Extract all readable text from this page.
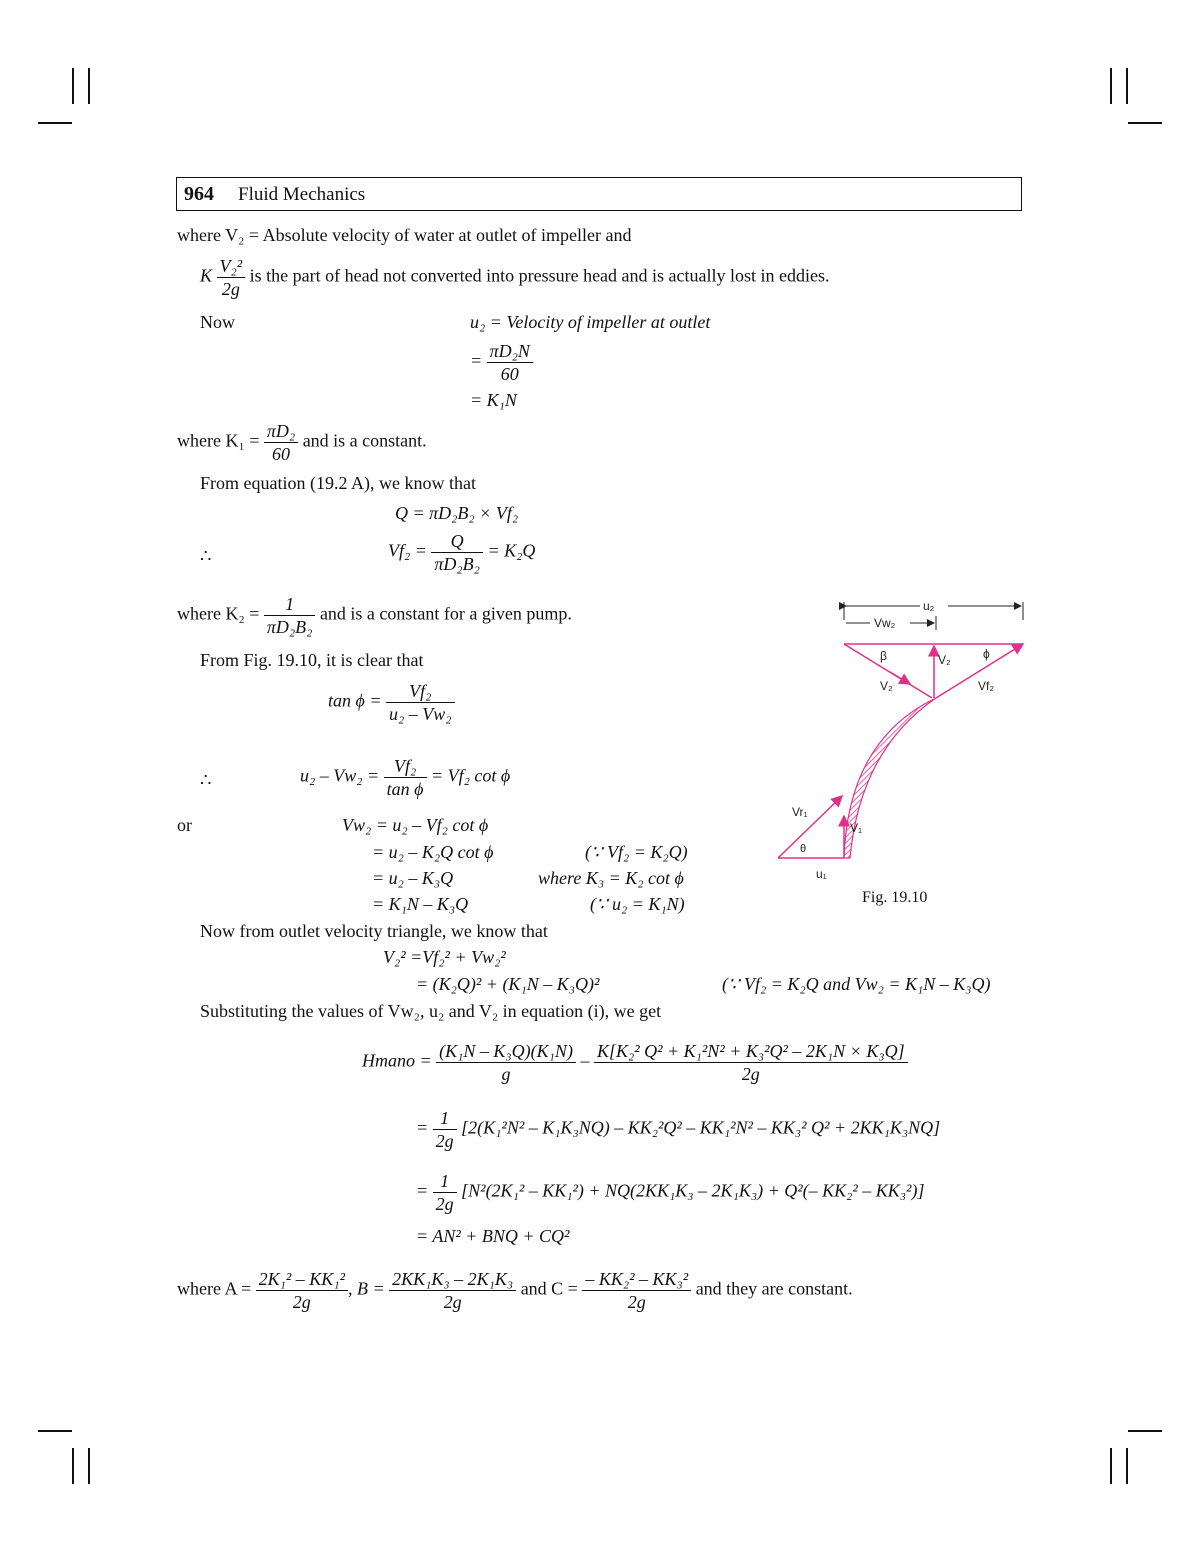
964 Fluid Mechanics
where V₂ = Absolute velocity of water at outlet of impeller and
K $\frac{\text{V₂²}}{2g}$ is the part of head not converted into pressure head and is actually lost in eddies.
Now	u₂ = Velocity of impeller at outlet
= $\frac{\text{πD₂N}}{60}$
= K₁N
where $K_1 = \frac{\text{πD₂}}{60}$ and is a constant.
From equation (19.2 A), we know that
Q = πD₂B₂ × Vf₂
∴	$Vf_2 = \frac{Q}{\text{πD₂B₂}} = K_2Q$
where $K_2 = \frac{1}{\text{πD₂B₂}}$ and is a constant for a given pump.
From Fig. 19.10, it is clear that
$\tan \phi = \frac{\text{Vf₂}}{\text{u₂ – Vw₂}}$
∴	$u_2 - Vw_2 = \frac{\text{Vf₂}}{\text{tan ϕ}} = Vf_2$ cot ϕ
or	Vw₂ = u₂ – Vf₂ cot ϕ
= u₂ – K₂Q cot ϕ	(∵ Vf₂ = K₂Q)
= u₂ – K₃Q	where K₃ = K₂ cot ϕ
= K₁N – K₃Q	(∵ u₂ = K₁N)
Now from outlet velocity triangle, we know that
V₂² =Vf₂² + Vw₂²
= (K₂Q)² + (K₁N – K₃Q)²	(∵ Vf₂ = K₂Q and Vw₂ = K₁N – K₃Q)
Substituting the values of Vw₂, u₂ and V₂ in equation (i), we get
Hmano = $\frac{\text{(K₁N – K₃Q)(K₁N)}}{g} - \frac{\text{K[K₂² Q² + K₁²N² + K₃²Q² – 2K₁N × K₃Q]}}{2g}$
= $\frac{1}{2g} [2(K_1^2N^2 - K_1K_3NQ) - KK_2^2Q^2 - KK_1^2N^2 - KK_3^2$ Q² + 2KK₁K₃NQ]
= $\frac{1}{2g} [N^2(2K_1^2 - KK_1^2) + NQ(2KK_1K_3 - 2K_1K_3) + Q^2(-$ KK₂² – KK₃²)]
= AN² + BNQ + CQ²
where $A = \frac{\text{2K₁² – KK₁²}}{2g}$ , $B = \frac{\text{2KK₁K₃ – 2K₁K₃}}{2g}$ and $C = \frac{\text{– KK₂² – KK₃²}}{2g}$ and they are constant.
u₂
Vw₂
β	ϕ
V₂
V₂	Vf₂
Vr₁
V₁
θ
u₁
Fig. 19.10
